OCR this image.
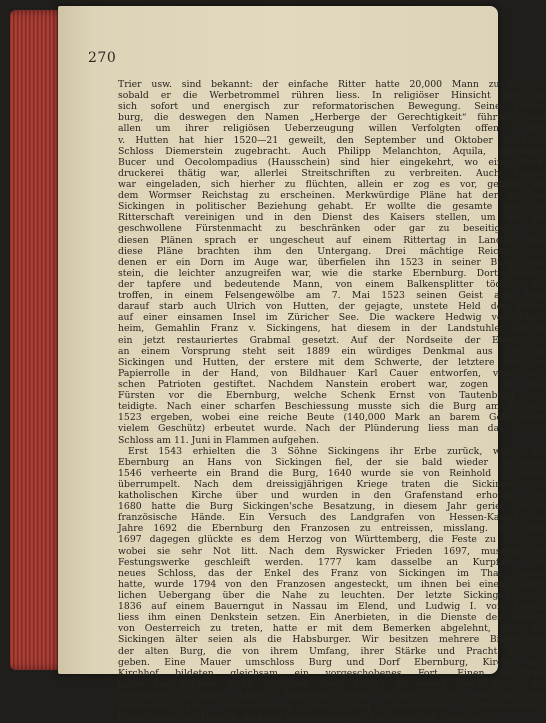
270
Trier usw. sind bekannt: der einfache Ritter hatte 20,000 Mann zu Gebote,
sobald er die Werbetrommel rühren liess. In religiöser Hinsicht hielt er
sich sofort und energisch zur reformatorischen Bewegung. Seine Ebern-
burg, die deswegen den Namen „Herberge der Gerechtigkeit“ führte, stand
allen um ihrer religiösen Ueberzeugung willen Verfolgten offen. Ulrich
v. Hutten hat hier 1520—21 geweilt, den September und Oktober 1521 in
Schloss Diemerstein zugebracht. Auch Philipp Melanchton, Aquila, Schwebel,
Bucer und Oecolompadius (Hausschein) sind hier eingekehrt, wo eine Buch-
druckerei thätig war, allerlei Streitschriften zu verbreiten. Auch Luther
war eingeladen, sich hierher zu flüchten, allein er zog es vor, getrost auf
dem Wormser Reichstag zu erscheinen. Merkwürdige Pläne hat der rastlose
Sickingen in politischer Beziehung gehabt. Er wollte die gesamte deutsche
Ritterschaft vereinigen und in den Dienst des Kaisers stellen, um die an-
geschwollene Fürstenmacht zu beschränken oder gar zu beseitigen. Von
diesen Plänen sprach er ungescheut auf einem Rittertag in Landau, und
diese Pläne brachten ihm den Untergang. Drei mächtige Reichsfürsten,
denen er ein Dorn im Auge war, überfielen ihn 1523 in seiner Burg Nan-
stein, die leichter anzugreifen war, wie die starke Ebernburg. Dort hauchte
der tapfere und bedeutende Mann, von einem Balkensplitter tödlich ge-
troffen, in einem Felsengewölbe am 7. Mai 1523 seinen Geist aus. Bald
darauf starb auch Ulrich von Hutten, der gejagte, unstete Held der Feder,
auf einer einsamen Insel im Züricher See. Die wackere Hedwig von Flörs-
heim, Gemahlin Franz v. Sickingens, hat diesem in der Landstuhler Kirche
ein jetzt restauriertes Grabmal gesetzt. Auf der Nordseite der Ebernburg,
an einem Vorsprung steht seit 1889 ein würdiges Denkmal aus Erz für
Sickingen und Hutten, der erstere mit dem Schwerte, der letztere mit der
Papierrolle in der Hand, von Bildhauer Karl Cauer entworfen, von deut-
schen Patrioten gestiftet. Nachdem Nanstein erobert war, zogen die drei
Fürsten vor die Ebernburg, welche Schenk Ernst von Tautenburg ver-
teidigte. Nach einer scharfen Beschiessung musste sich die Burg am 6. Juni
1523 ergeben, wobei eine reiche Beute (140,000 Mark an barem Geld nebst
vielem Geschütz) erbeutet wurde. Nach der Plünderung liess man das schöne
Schloss am 11. Juni in Flammen aufgehen.
Erst 1543 erhielten die 3 Söhne Sickingens ihr Erbe zurück, wobei die
Ebernburg an Hans von Sickingen fiel, der sie bald wieder aufbaute.
1546 verheerte ein Brand die Burg, 1640 wurde sie von Reinhold v. Rosen
überrumpelt. Nach dem dreissigjährigen Kriege traten die Sickinger zur
katholischen Kirche über und wurden in den Grafenstand erhoben. Bis
1680 hatte die Burg Sickingen'sche Besatzung, in diesem Jahr geriet sie in
französische Hände. Ein Versuch des Landgrafen von Hessen-Kassel, im
Jahre 1692 die Ebernburg den Franzosen zu entreissen, misslang. Im Jahre
1697 dagegen glückte es dem Herzog von Württemberg, die Feste zu stürmen,
wobei sie sehr Not litt. Nach dem Ryswicker Frieden 1697, mussten die
Festungswerke geschleift werden. 1777 kam dasselbe an Kurpfalz. Ein
neues Schloss, das der Enkel des Franz von Sickingen im Thal gebaut
hatte, wurde 1794 von den Franzosen angesteckt, um ihnen bei einem nächt-
lichen Uebergang über die Nahe zu leuchten. Der letzte Sickingen starb
1836 auf einem Bauerngut in Nassau im Elend, und Ludwig I. von Bayern
liess ihm einen Denkstein setzen. Ein Anerbieten, in die Dienste des Kaisers
von Oesterreich zu treten, hatte er mit dem Bemerken abgelehnt, dass die
Sickingen älter seien als die Habsburger. Wir besitzen mehrere Bilder von
der alten Burg, die von ihrem Umfang, ihrer Stärke und Pracht Zeugnis
geben. Eine Mauer umschloss Burg und Dorf Ebernburg, Kirche und
Kirchhof bildeten gleichsam ein vorgeschobenes Fort. Einen Bergfried
hatte das Schloss nicht. Von der alten Pracht ist wenig mehr übrig, die
Neubauten „könnten keinen Anspruch darauf erheben, auch nur im ent-
ferntesten eine Restaurierung der Burg vorzustellen.“ (Baudenkmale)
Einige gewaltige Mauern, mehrere halbabgetragene Bastionen, ein Ueberrest
